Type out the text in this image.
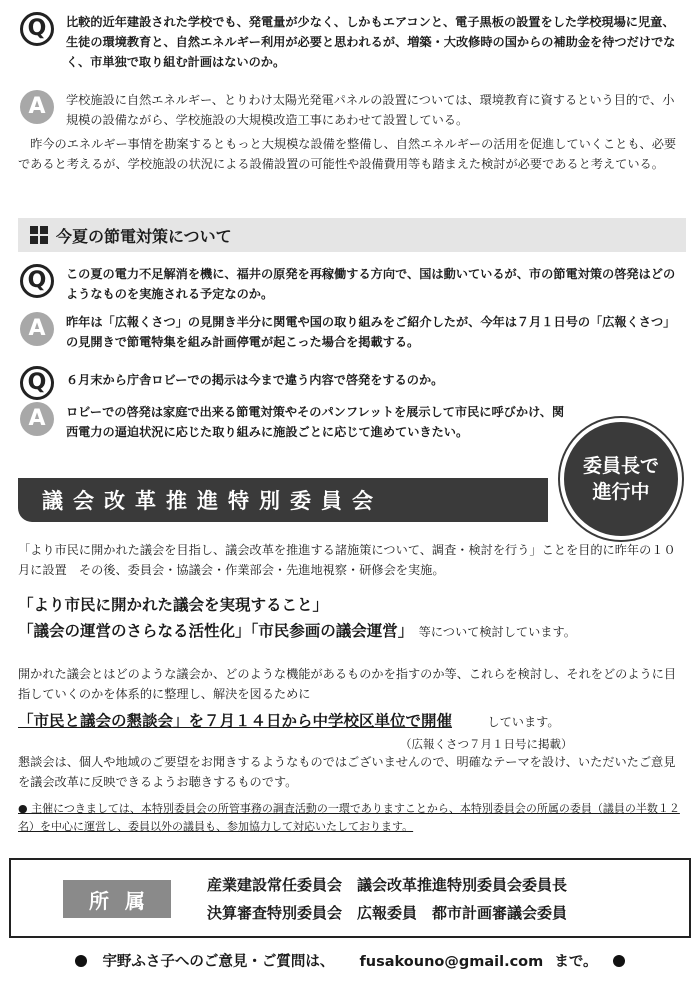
Q	比較的近年建設された学校でも、発電量が少なく、しかもエアコンと、電子黒板の設置をした学校現場に児童、生徒の環境教育と、自然エネルギー利用が必要と思われるが、増築・大改修時の国からの補助金を待つだけでなく、市単独で取り組む計画はないのか。
A	学校施設に自然エネルギー、とりわけ太陽光発電パネルの設置については、環境教育に資するという目的で、小規模の設備ながら、学校施設の大規模改造工事にあわせて設置している。
昨今のエネルギー事情を勘案するともっと大規模な設備を整備し、自然エネルギーの活用を促進していくことも、必要であると考えるが、学校施設の状況による設備設置の可能性や設備費用等も踏まえた検討が必要であると考えている。
今夏の節電対策について
Q	この夏の電力不足解消を機に、福井の原発を再稼働する方向で、国は動いているが、市の節電対策の啓発はどのようなものを実施される予定なのか。
A	昨年は「広報くさつ」の見開き半分に関電や国の取り組みをご紹介したが、今年は７月１日号の「広報くさつ」の見開きで節電特集を組み計画停電が起こった場合を掲載する。
Q	６月末から庁舎ロビーでの掲示は今まで違う内容で啓発をするのか。
A	ロビーでの啓発は家庭で出来る節電対策やそのパンフレットを展示して市民に呼びかけ、関西電力の逼迫状況に応じた取り組みに施設ごとに応じて進めていきたい。
議会改革推進特別委員会
委員長で
進行中
「より市民に開かれた議会を目指し、議会改革を推進する諸施策について、調査・検討を行う」ことを目的に昨年の１０月に設置　その後、委員会・協議会・作業部会・先進地視察・研修会を実施。
「より市民に開かれた議会を実現すること」
「議会の運営のさらなる活性化」「市民参画の議会運営」 等について検討しています。
開かれた議会とはどのような議会か、どのような機能があるものかを指すのか等、これらを検討し、それをどのように目指していくのかを体系的に整理し、解決を図るために
「市民と議会の懇談会」を７月１４日から中学校区単位で開催	しています。
（広報くさつ７月１日号に掲載）
懇談会は、個人や地域のご要望をお聞きするようなものではございませんので、明確なテーマを設け、いただいたご意見を議会改革に反映できるようお聴きするものです。
● 主催につきましては、本特別委員会の所管事務の調査活動の一環でありますことから、本特別委員会の所属の委員（議員の半数１２名）を中心に運営し、委員以外の議員も、参加協力して対応いたしております。
所属
産業建設常任委員会　議会改革推進特別委員会委員長
決算審査特別委員会　広報委員　都市計画審議会委員
宇野ふさ子へのご意見・ご質問は、 fusakouno@gmail.com まで。
